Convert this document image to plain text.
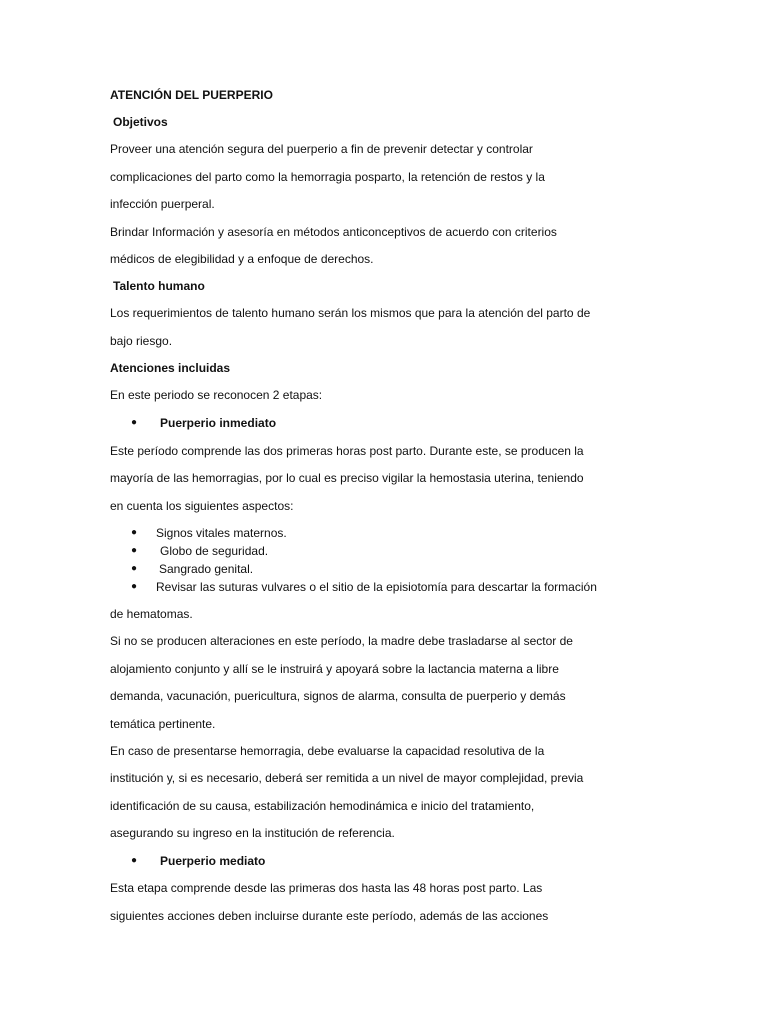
ATENCIÓN DEL PUERPERIO
Objetivos
Proveer una atención segura del puerperio a fin de prevenir detectar y controlar
complicaciones del parto como la hemorragia posparto, la retención de restos y la
infección puerperal.
Brindar Información y asesoría en métodos anticonceptivos de acuerdo con criterios
médicos de elegibilidad y a enfoque de derechos.
Talento humano
Los requerimientos de talento humano serán los mismos que para la atención del parto de
bajo riesgo.
Atenciones incluidas
En este periodo se reconocen 2 etapas:
● Puerperio inmediato
Este período comprende las dos primeras horas post parto. Durante este, se producen la
mayoría de las hemorragias, por lo cual es preciso vigilar la hemostasia uterina, teniendo
en cuenta los siguientes aspectos:
● Signos vitales maternos.
● Globo de seguridad.
● Sangrado genital.
● Revisar las suturas vulvares o el sitio de la episiotomía para descartar la formación
de hematomas.
Si no se producen alteraciones en este período, la madre debe trasladarse al sector de
alojamiento conjunto y allí se le instruirá y apoyará sobre la lactancia materna a libre
demanda, vacunación, puericultura, signos de alarma, consulta de puerperio y demás
temática pertinente.
En caso de presentarse hemorragia, debe evaluarse la capacidad resolutiva de la
institución y, si es necesario, deberá ser remitida a un nivel de mayor complejidad, previa
identificación de su causa, estabilización hemodinámica e inicio del tratamiento,
asegurando su ingreso en la institución de referencia.
● Puerperio mediato
Esta etapa comprende desde las primeras dos hasta las 48 horas post parto. Las
siguientes acciones deben incluirse durante este período, además de las acciones
